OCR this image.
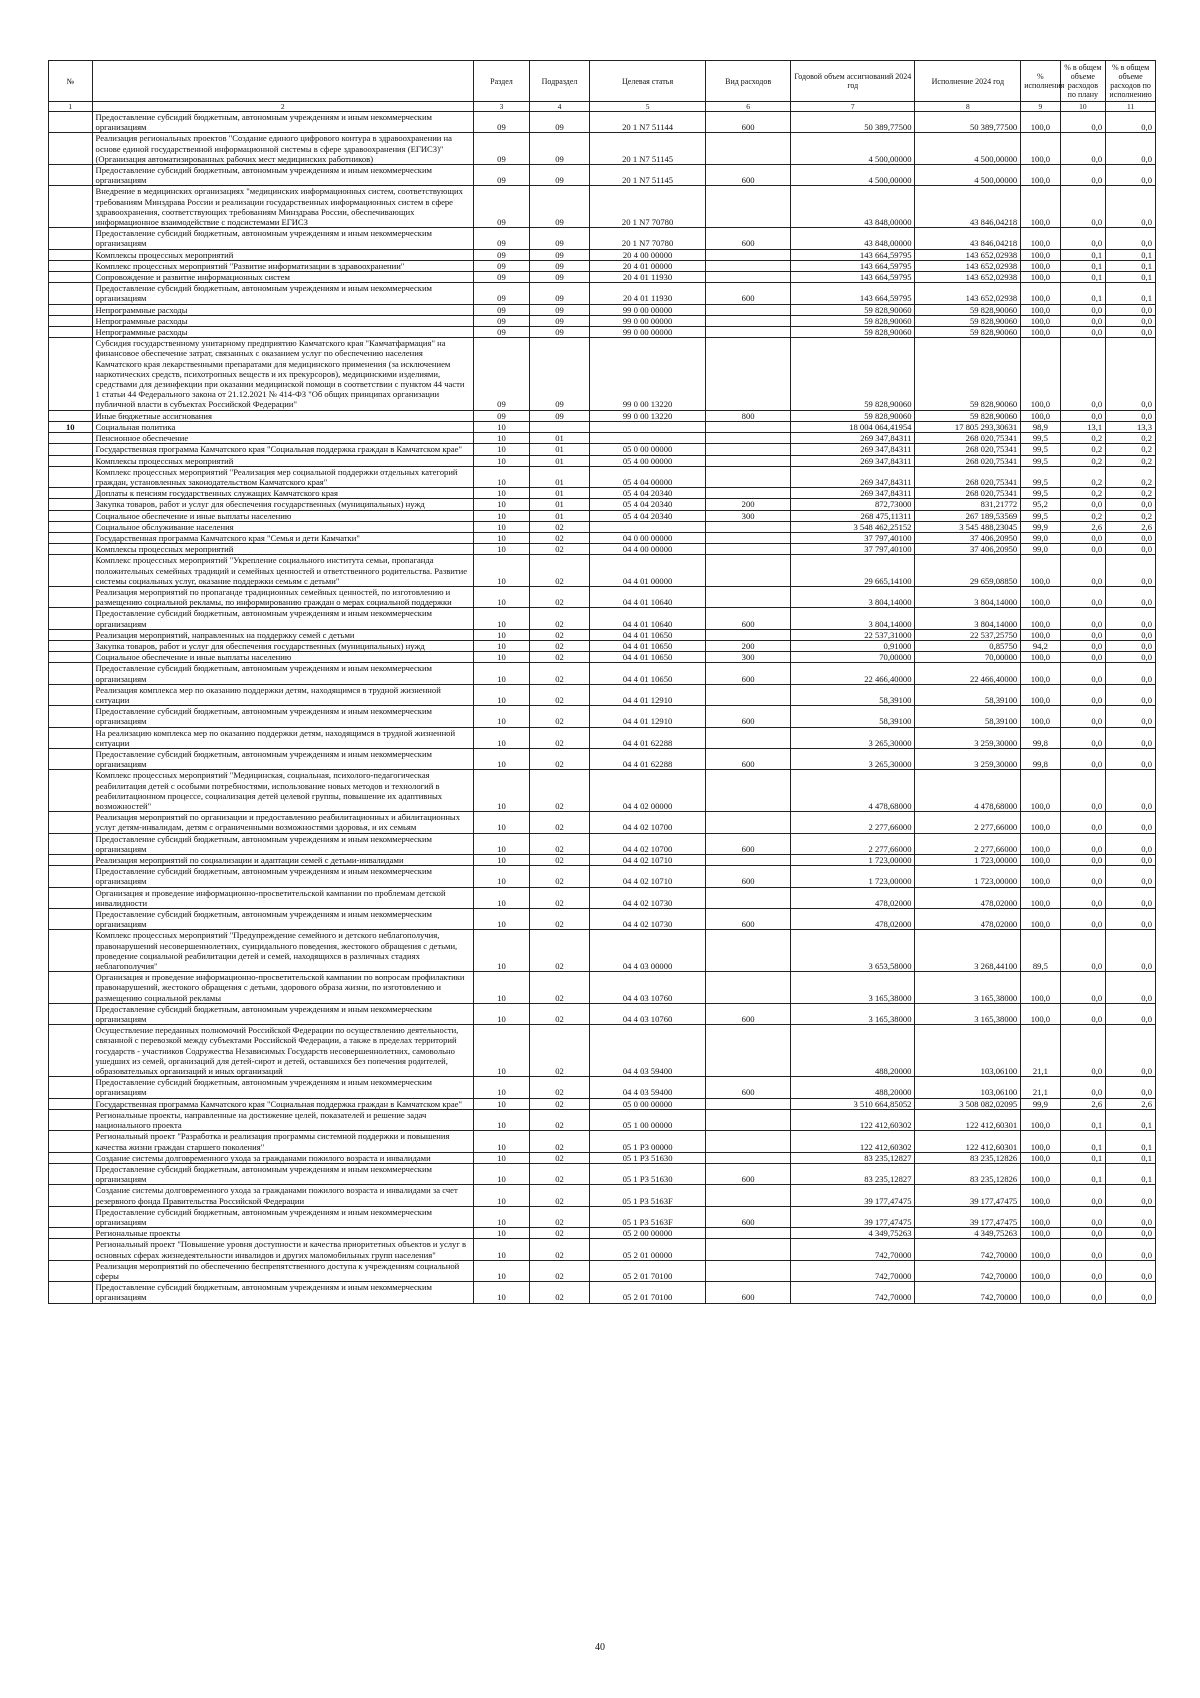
№		Раздел	Подраздел	Целевая статья	Вид расходов	Годовой объем ассигнований 2024 год	Исполнение 2024 год	% исполнения	% в общем объеме расходов по плану	% в общем объеме расходов по исполнению
1	2	3	4	5	6	7	8	9	10	11
	Предоставление субсидий бюджетным, автономным учреждениям и иным некоммерческим организациям	09	09	20 1 N7 51144	600	50 389,77500	50 389,77500	100,0	0,0	0,0
	Реализация региональных проектов "Создание единого цифрового контура в здравоохранении на основе единой государственной информационной системы в сфере здравоохранения (ЕГИСЗ)" (Организация автоматизированных рабочих мест медицинских работников)	09	09	20 1 N7 51145		4 500,00000	4 500,00000	100,0	0,0	0,0
	Предоставление субсидий бюджетным, автономным учреждениям и иным некоммерческим организациям	09	09	20 1 N7 51145	600	4 500,00000	4 500,00000	100,0	0,0	0,0
	Внедрение в медицинских организациях "медицинских информационных систем, соответствующих требованиям Минздрава России и реализации государственных информационных систем в сфере здравоохранения, соответствующих требованиям Минздрава России, обеспечивающих информационное взаимодействие с подсистемами ЕГИСЗ	09	09	20 1 N7 70780		43 848,00000	43 846,04218	100,0	0,0	0,0
	Предоставление субсидий бюджетным, автономным учреждениям и иным некоммерческим организациям	09	09	20 1 N7 70780	600	43 848,00000	43 846,04218	100,0	0,0	0,0
	Комплексы процессных мероприятий	09	09	20 4 00 00000		143 664,59795	143 652,02938	100,0	0,1	0,1
	Комплекс процессных мероприятий "Развитие информатизации в здравоохранении"	09	09	20 4 01 00000		143 664,59795	143 652,02938	100,0	0,1	0,1
	Сопровождение и развитие информационных систем	09	09	20 4 01 11930		143 664,59795	143 652,02938	100,0	0,1	0,1
	Предоставление субсидий бюджетным, автономным учреждениям и иным некоммерческим организациям	09	09	20 4 01 11930	600	143 664,59795	143 652,02938	100,0	0,1	0,1
	Непрограммные расходы	09	09	99 0 00 00000		59 828,90060	59 828,90060	100,0	0,0	0,0
	Непрограммные расходы	09	09	99 0 00 00000		59 828,90060	59 828,90060	100,0	0,0	0,0
	Непрограммные расходы	09	09	99 0 00 00000		59 828,90060	59 828,90060	100,0	0,0	0,0
	Субсидия государственному унитарному предприятию Камчатского края "Камчатфармация" на финансовое обеспечение затрат, связанных с оказанием услуг по обеспечению населения Камчатского края лекарственными препаратами для медицинского применения (за исключением наркотических средств, психотропных веществ и их прекурсоров), медицинскими изделиями, средствами для дезинфекции при оказании медицинской помощи в соответствии с пунктом 44 части 1 статьи 44 Федерального закона от 21.12.2021 № 414-ФЗ "Об общих принципах организации публичной власти в субъектах Российской Федерации"	09	09	99 0 00 13220		59 828,90060	59 828,90060	100,0	0,0	0,0
	Иные бюджетные ассигнования	09	09	99 0 00 13220	800	59 828,90060	59 828,90060	100,0	0,0	0,0
10	Социальная политика	10				18 004 064,41954	17 805 293,30631	98,9	13,1	13,3
	Пенсионное обеспечение	10	01			269 347,84311	268 020,75341	99,5	0,2	0,2
	Государственная программа Камчатского края "Социальная поддержка граждан в Камчатском крае"	10	01	05 0 00 00000		269 347,84311	268 020,75341	99,5	0,2	0,2
	Комплексы процессных мероприятий	10	01	05 4 00 00000		269 347,84311	268 020,75341	99,5	0,2	0,2
	Комплекс процессных мероприятий "Реализация мер социальной поддержки отдельных категорий граждан, установленных законодательством Камчатского края"	10	01	05 4 04 00000		269 347,84311	268 020,75341	99,5	0,2	0,2
	Доплаты к пенсиям государственных служащих Камчатского края	10	01	05 4 04 20340		269 347,84311	268 020,75341	99,5	0,2	0,2
	Закупка товаров, работ и услуг для обеспечения государственных (муниципальных) нужд	10	01	05 4 04 20340	200	872,73000	831,21772	95,2	0,0	0,0
	Социальное обеспечение и иные выплаты населению	10	01	05 4 04 20340	300	268 475,11311	267 189,53569	99,5	0,2	0,2
	Социальное обслуживание населения	10	02			3 548 462,25152	3 545 488,23045	99,9	2,6	2,6
	Государственная программа Камчатского края "Семья и дети Камчатки"	10	02	04 0 00 00000		37 797,40100	37 406,20950	99,0	0,0	0,0
	Комплексы процессных мероприятий	10	02	04 4 00 00000		37 797,40100	37 406,20950	99,0	0,0	0,0
	Комплекс процессных мероприятий "Укрепление социального института семьи, пропаганда положительных семейных традиций и семейных ценностей и ответственного родительства. Развитие системы социальных услуг, оказание поддержки семьям с детьми"	10	02	04 4 01 00000		29 665,14100	29 659,08850	100,0	0,0	0,0
	Реализация мероприятий по пропаганде традиционных семейных ценностей, по изготовлению и размещению социальной рекламы, по информированию граждан о мерах социальной поддержки	10	02	04 4 01 10640		3 804,14000	3 804,14000	100,0	0,0	0,0
	Предоставление субсидий бюджетным, автономным учреждениям и иным некоммерческим организациям	10	02	04 4 01 10640	600	3 804,14000	3 804,14000	100,0	0,0	0,0
	Реализация мероприятий, направленных на поддержку семей с детьми	10	02	04 4 01 10650		22 537,31000	22 537,25750	100,0	0,0	0,0
	Закупка товаров, работ и услуг для обеспечения государственных (муниципальных) нужд	10	02	04 4 01 10650	200	0,91000	0,85750	94,2	0,0	0,0
	Социальное обеспечение и иные выплаты населению	10	02	04 4 01 10650	300	70,00000	70,00000	100,0	0,0	0,0
	Предоставление субсидий бюджетным, автономным учреждениям и иным некоммерческим организациям	10	02	04 4 01 10650	600	22 466,40000	22 466,40000	100,0	0,0	0,0
	Реализация комплекса мер по оказанию поддержки детям, находящимся в трудной жизненной ситуации	10	02	04 4 01 12910		58,39100	58,39100	100,0	0,0	0,0
	Предоставление субсидий бюджетным, автономным учреждениям и иным некоммерческим организациям	10	02	04 4 01 12910	600	58,39100	58,39100	100,0	0,0	0,0
	На реализацию комплекса мер по оказанию поддержки детям, находящимся в трудной жизненной ситуации	10	02	04 4 01 62288		3 265,30000	3 259,30000	99,8	0,0	0,0
	Предоставление субсидий бюджетным, автономным учреждениям и иным некоммерческим организациям	10	02	04 4 01 62288	600	3 265,30000	3 259,30000	99,8	0,0	0,0
	Комплекс процессных мероприятий "Медицинская, социальная, психолого-педагогическая реабилитация детей с особыми потребностями, использование новых методов и технологий в реабилитационном процессе, социализация детей целевой группы, повышение их адаптивных возможностей"	10	02	04 4 02 00000		4 478,68000	4 478,68000	100,0	0,0	0,0
	Реализация мероприятий по организации и предоставлению реабилитационных и абилитационных услуг детям-инвалидам, детям с ограниченными возможностями здоровья, и их семьям	10	02	04 4 02 10700		2 277,66000	2 277,66000	100,0	0,0	0,0
	Предоставление субсидий бюджетным, автономным учреждениям и иным некоммерческим организациям	10	02	04 4 02 10700	600	2 277,66000	2 277,66000	100,0	0,0	0,0
	Реализация мероприятий по социализации и адаптации семей с детьми-инвалидами	10	02	04 4 02 10710		1 723,00000	1 723,00000	100,0	0,0	0,0
	Предоставление субсидий бюджетным, автономным учреждениям и иным некоммерческим организациям	10	02	04 4 02 10710	600	1 723,00000	1 723,00000	100,0	0,0	0,0
	Организация и проведение информационно-просветительской кампании по проблемам детской инвалидности	10	02	04 4 02 10730		478,02000	478,02000	100,0	0,0	0,0
	Предоставление субсидий бюджетным, автономным учреждениям и иным некоммерческим организациям	10	02	04 4 02 10730	600	478,02000	478,02000	100,0	0,0	0,0
	Комплекс процессных мероприятий "Предупреждение семейного и детского неблагополучия, правонарушений несовершеннолетних, суицидального поведения, жестокого обращения с детьми, проведение социальной реабилитации детей и семей, находящихся в различных стадиях неблагополучия"	10	02	04 4 03 00000		3 653,58000	3 268,44100	89,5	0,0	0,0
	Организация и проведение информационно-просветительской кампании по вопросам профилактики правонарушений, жестокого обращения с детьми, здорового образа жизни, по изготовлению и размещению социальной рекламы	10	02	04 4 03 10760		3 165,38000	3 165,38000	100,0	0,0	0,0
	Предоставление субсидий бюджетным, автономным учреждениям и иным некоммерческим организациям	10	02	04 4 03 10760	600	3 165,38000	3 165,38000	100,0	0,0	0,0
	Осуществление переданных полномочий Российской Федерации по осуществлению деятельности, связанной с перевозкой между субъектами Российской Федерации, а также в пределах территорий государств - участников Содружества Независимых Государств несовершеннолетних, самовольно ушедших из семей, организаций для детей-сирот и детей, оставшихся без попечения родителей, образовательных организаций и иных организаций	10	02	04 4 03 59400		488,20000	103,06100	21,1	0,0	0,0
	Предоставление субсидий бюджетным, автономным учреждениям и иным некоммерческим организациям	10	02	04 4 03 59400	600	488,20000	103,06100	21,1	0,0	0,0
	Государственная программа Камчатского края "Социальная поддержка граждан в Камчатском крае"	10	02	05 0 00 00000		3 510 664,85052	3 508 082,02095	99,9	2,6	2,6
	Региональные проекты, направленные на достижение целей, показателей и решение задач национального проекта	10	02	05 1 00 00000		122 412,60302	122 412,60301	100,0	0,1	0,1
	Региональный проект "Разработка и реализация программы системной поддержки и повышения качества жизни граждан старшего поколения"	10	02	05 1 P3 00000		122 412,60302	122 412,60301	100,0	0,1	0,1
	Создание системы долговременного ухода за гражданами пожилого возраста и инвалидами	10	02	05 1 P3 51630		83 235,12827	83 235,12826	100,0	0,1	0,1
	Предоставление субсидий бюджетным, автономным учреждениям и иным некоммерческим организациям	10	02	05 1 P3 51630	600	83 235,12827	83 235,12826	100,0	0,1	0,1
	Создание системы долговременного ухода за гражданами пожилого возраста и инвалидами за счет резервного фонда Правительства Российской Федерации	10	02	05 1 P3 5163F		39 177,47475	39 177,47475	100,0	0,0	0,0
	Предоставление субсидий бюджетным, автономным учреждениям и иным некоммерческим организациям	10	02	05 1 P3 5163F	600	39 177,47475	39 177,47475	100,0	0,0	0,0
	Региональные проекты	10	02	05 2 00 00000		4 349,75263	4 349,75263	100,0	0,0	0,0
	Региональный проект "Повышение уровня доступности и качества приоритетных объектов и услуг в основных сферах жизнедеятельности инвалидов и других маломобильных групп населения"	10	02	05 2 01 00000		742,70000	742,70000	100,0	0,0	0,0
	Реализация мероприятий по обеспечению беспрепятственного доступа к учреждениям социальной сферы	10	02	05 2 01 70100		742,70000	742,70000	100,0	0,0	0,0
	Предоставление субсидий бюджетным, автономным учреждениям и иным некоммерческим организациям	10	02	05 2 01 70100	600	742,70000	742,70000	100,0	0,0	0,0
40
